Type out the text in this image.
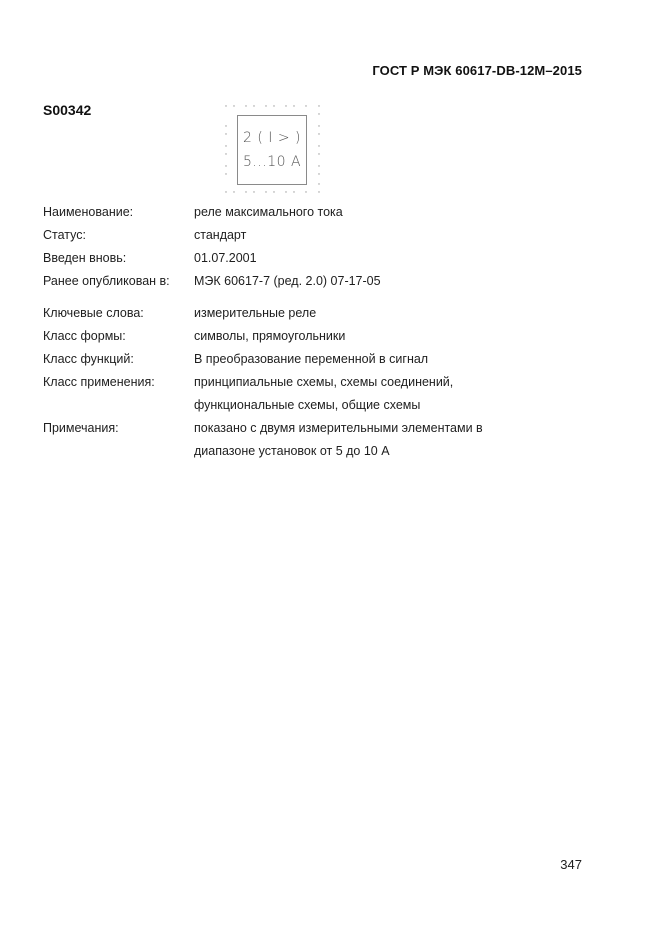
ГОСТ Р МЭК 60617-DB-12М–2015
S00342
2 ( I > )
5...10 A
Наименование:	реле максимального тока
Статус:	стандарт
Введен вновь:	01.07.2001
Ранее опубликован в: МЭК 60617-7 (ред. 2.0) 07-17-05
Ключевые слова:	измерительные реле
Класс формы:	символы, прямоугольники
Класс функций:	В преобразование переменной в сигнал
Класс применения:	принципиальные схемы, схемы соединений,
функциональные схемы, общие схемы
Примечания:	показано с двумя измерительными элементами в
диапазоне установок от 5 до 10 А
347
